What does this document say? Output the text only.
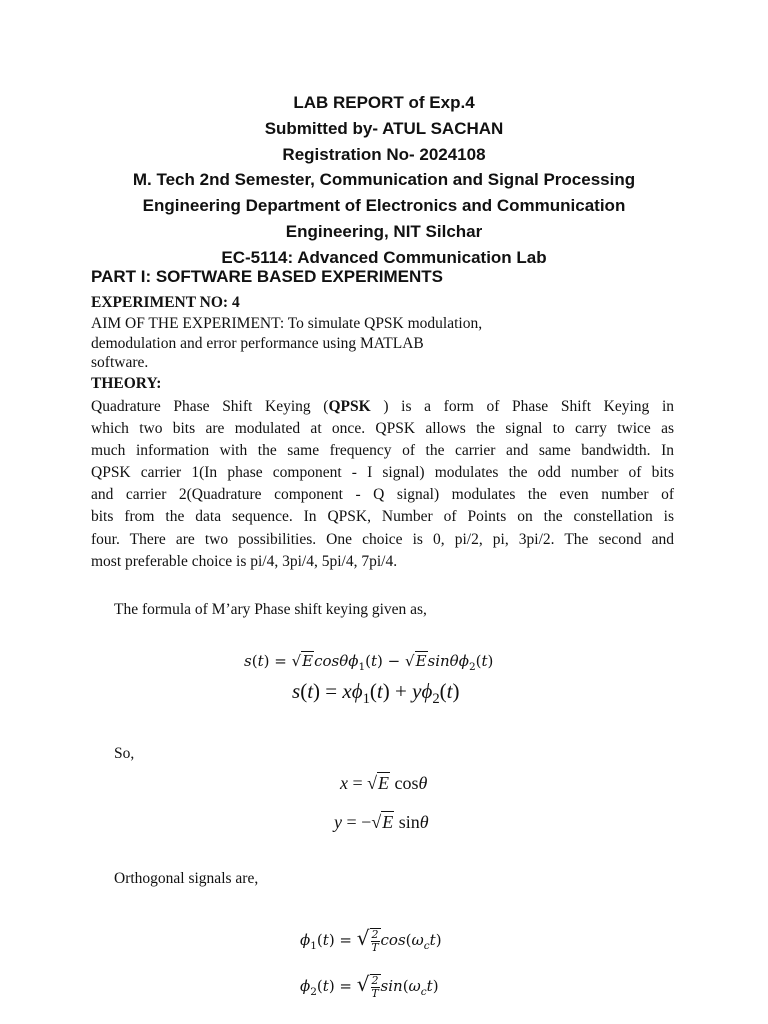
LAB REPORT of Exp.4
Submitted by- ATUL SACHAN
Registration No- 2024108
M. Tech 2nd Semester, Communication and Signal Processing
Engineering Department of Electronics and Communication
Engineering, NIT Silchar
EC-5114: Advanced Communication Lab
PART I: SOFTWARE BASED EXPERIMENTS
EXPERIMENT NO: 4
AIM OF THE EXPERIMENT: To simulate QPSK modulation,
demodulation and error performance using MATLAB
software.
THEORY:
Quadrature Phase Shift Keying (QPSK ) is a form of Phase Shift Keying in
which two bits are modulated at once. QPSK allows the signal to carry twice as
much information with the same frequency of the carrier and same bandwidth. In
QPSK carrier 1(In phase component - I signal) modulates the odd number of bits
and carrier 2(Quadrature component - Q signal) modulates the even number of
bits from the data sequence. In QPSK, Number of Points on the constellation is
four. There are two possibilities. One choice is 0, pi/2, pi, 3pi/2. The second and
most preferable choice is pi/4, 3pi/4, 5pi/4, 7pi/4.
The formula of M’ary Phase shift keying given as,
s(t) = √Ecosθϕ$_1$(t) − √Esinθϕ$_2$(t)
$s(t) = x\phi_1(t) + y\phi_2(t)$
So,
x = √E cosθ
y = −√E sinθ
Orthogonal signals are,
$\phi_1(t)$ = √ $\frac{2}{T} \cos(\omega_ct)$
$\phi_2(t)$ = √ $\frac{2}{T} \sin(\omega_ct)$
